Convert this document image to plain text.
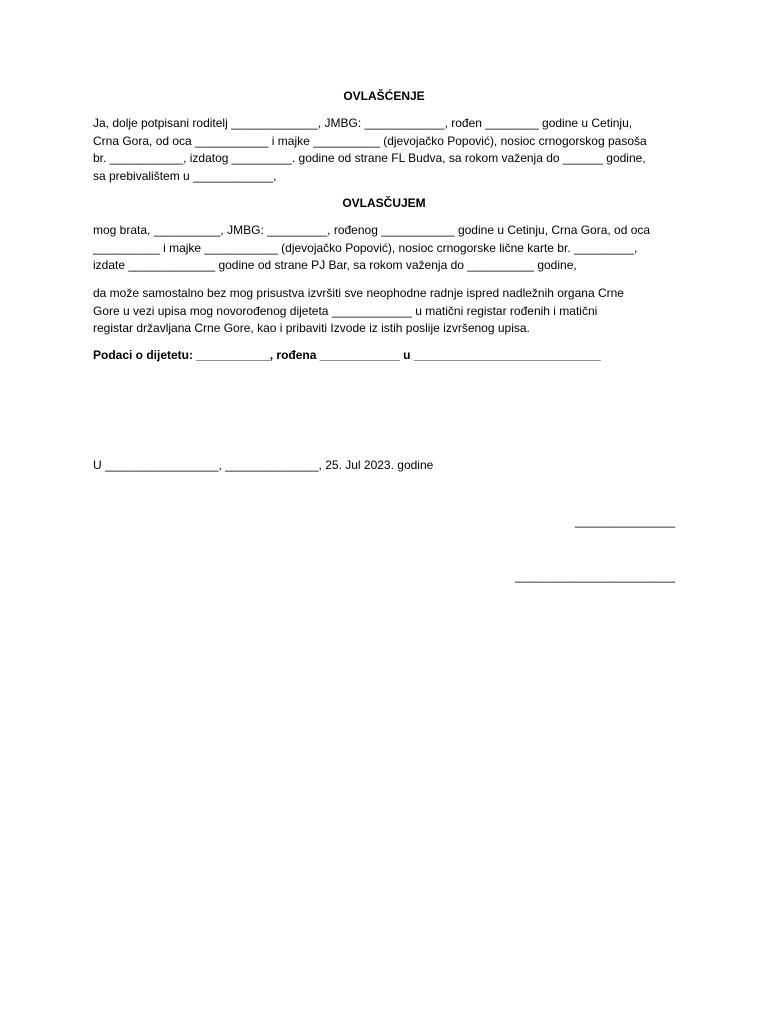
OVLAŠĆENJE
Ja, dolje potpisani roditelj _____________, JMBG: ____________, rođen ________ godine u Cetinju,
Crna Gora, od oca ___________ i majke __________ (djevojačko Popović), nosioc crnogorskog pasoša
br. ___________, izdatog _________. godine od strane FL Budva, sa rokom važenja do ______ godine,
sa prebivalištem u ____________,
OVLASČUJEM
mog brata, __________, JMBG: _________, rođenog ___________ godine u Cetinju, Crna Gora, od oca
__________ i majke ___________ (djevojačko Popović), nosioc crnogorske lične karte br. _________,
izdate _____________ godine od strane PJ Bar, sa rokom važenja do __________ godine,
da može samostalno bez mog prisustva izvršiti sve neophodne radnje ispred nadležnih organa Crne
Gore u vezi upisa mog novorođenog dijeteta ____________ u matični registar rođenih i matični
registar državljana Crne Gore, kao i pribaviti Izvode iz istih poslije izvršenog upisa.
Podaci o dijetetu: ___________, rođena ____________ u ____________________________
U _________________, ______________, 25. Jul 2023. godine
_______________
________________________
